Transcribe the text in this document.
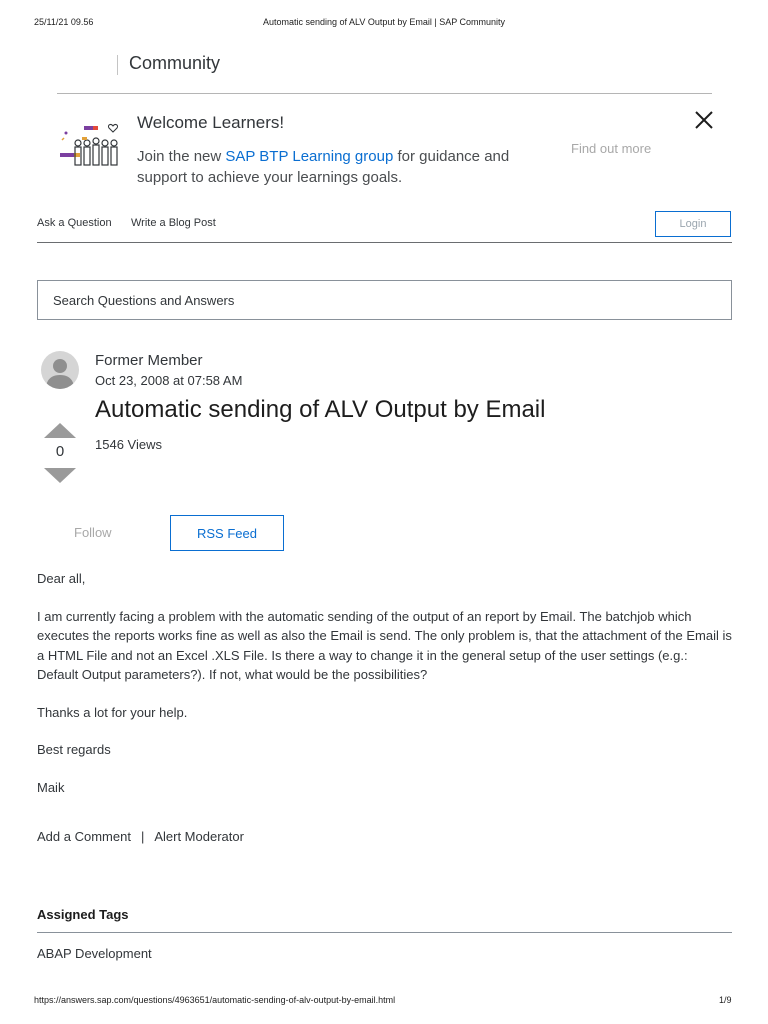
25/11/21 09.56	Automatic sending of ALV Output by Email | SAP Community
Community
Welcome Learners!
Join the new SAP BTP Learning group for guidance and support to achieve your learnings goals.
Find out more
Ask a Question Write a Blog Post	Login
Search Questions and Answers
Former Member
Oct 23, 2008 at 07:58 AM
Automatic sending of ALV Output by Email
1546 Views
0
Follow	RSS Feed

Dear all,

I am currently facing a problem with the automatic sending of the output of an report by Email. The batchjob which executes the reports works fine as well as also the Email is send. The only problem is, that the attachment of the Email is a HTML File and not an Excel .XLS File. Is there a way to change it in the general setup of the user settings (e.g.: Default Output parameters?). If not, what would be the possibilities?

Thanks a lot for your help.

Best regards

Maik

Add a Comment | Alert Moderator
Assigned Tags
ABAP Development
https://answers.sap.com/questions/4963651/automatic-sending-of-alv-output-by-email.html	1/9
